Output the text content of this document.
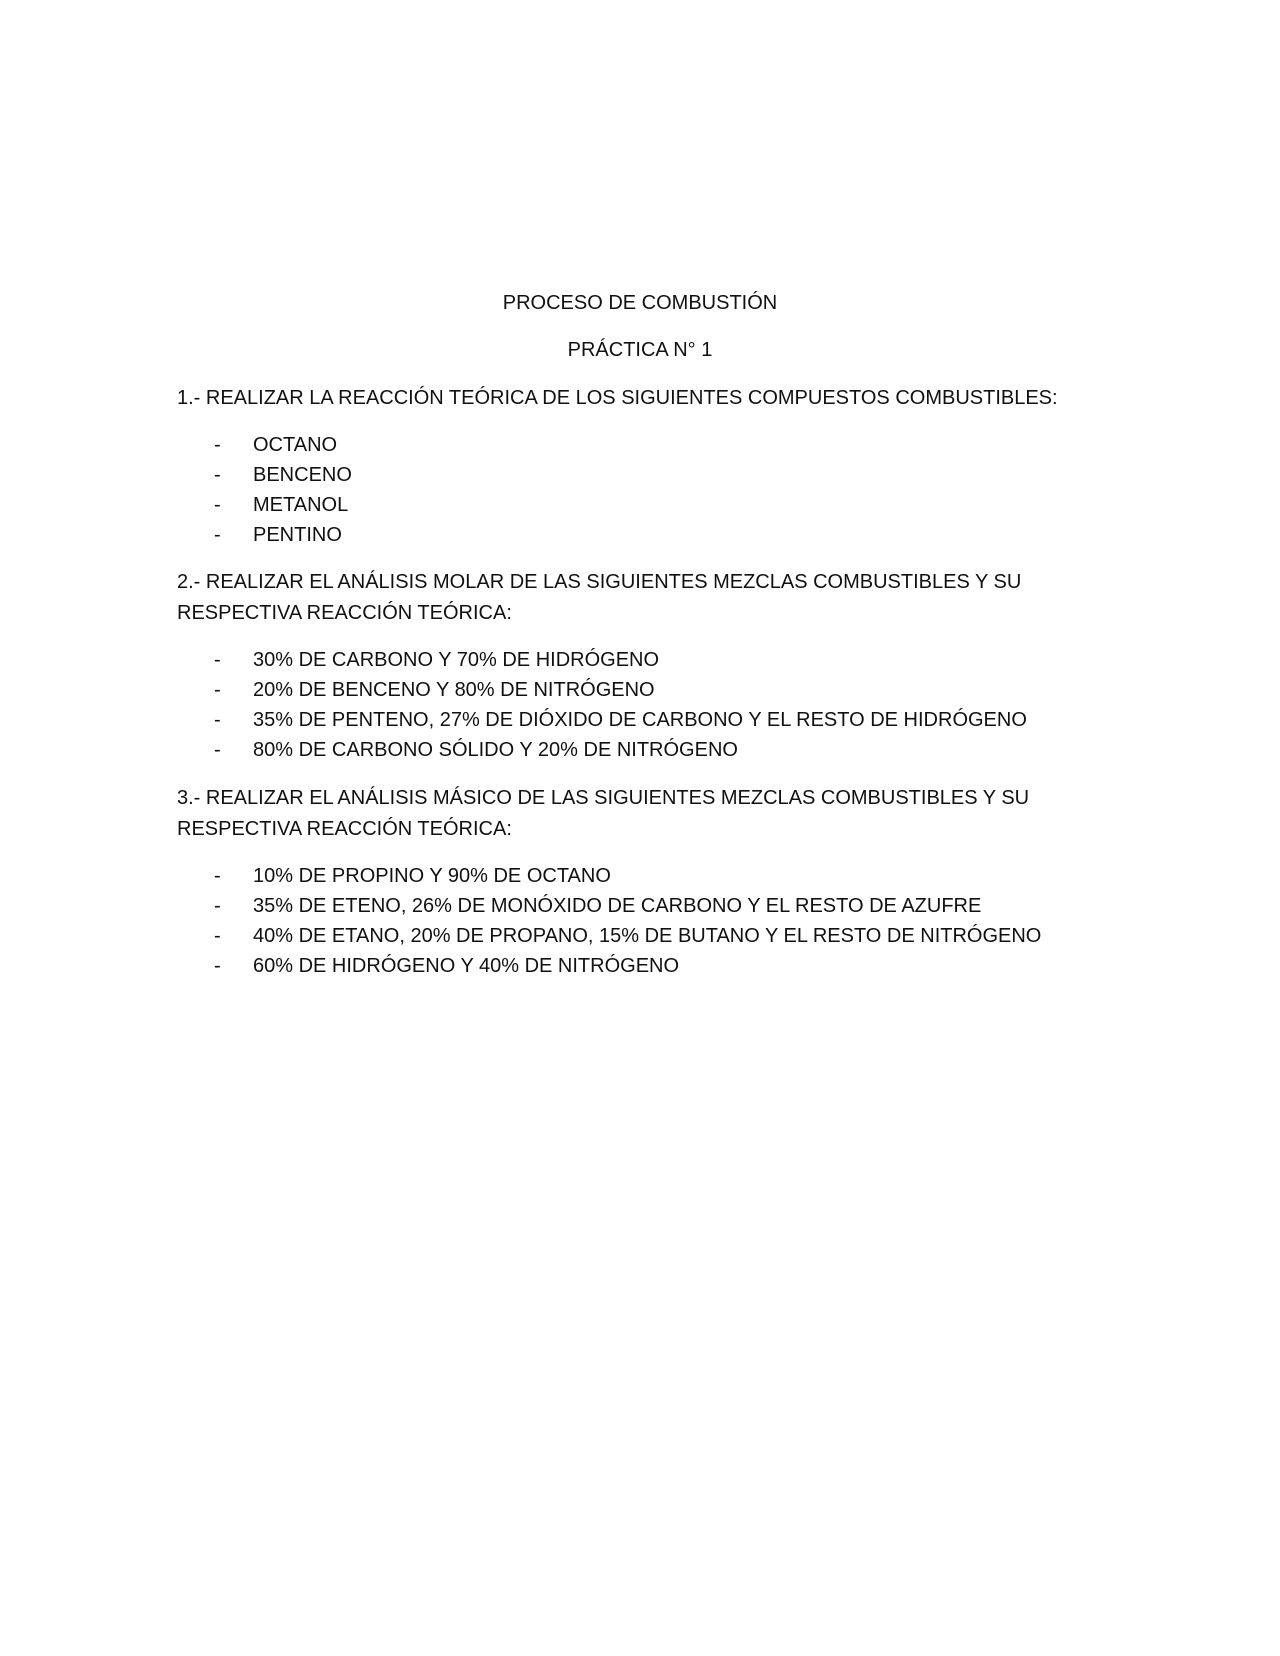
PROCESO DE COMBUSTIÓN
PRÁCTICA N° 1
1.- REALIZAR LA REACCIÓN TEÓRICA DE LOS SIGUIENTES COMPUESTOS COMBUSTIBLES:
- OCTANO
- BENCENO
- METANOL
- PENTINO
2.- REALIZAR EL ANÁLISIS MOLAR DE LAS SIGUIENTES MEZCLAS COMBUSTIBLES Y SU RESPECTIVA REACCIÓN TEÓRICA:
- 30% DE CARBONO Y 70% DE HIDRÓGENO
- 20% DE BENCENO Y 80% DE NITRÓGENO
- 35% DE PENTENO, 27% DE DIÓXIDO DE CARBONO Y EL RESTO DE HIDRÓGENO
- 80% DE CARBONO SÓLIDO Y 20% DE NITRÓGENO
3.- REALIZAR EL ANÁLISIS MÁSICO DE LAS SIGUIENTES MEZCLAS COMBUSTIBLES Y SU RESPECTIVA REACCIÓN TEÓRICA:
- 10% DE PROPINO Y 90% DE OCTANO
- 35% DE ETENO, 26% DE MONÓXIDO DE CARBONO Y EL RESTO DE AZUFRE
- 40% DE ETANO, 20% DE PROPANO, 15% DE BUTANO Y EL RESTO DE NITRÓGENO
- 60% DE HIDRÓGENO Y 40% DE NITRÓGENO
